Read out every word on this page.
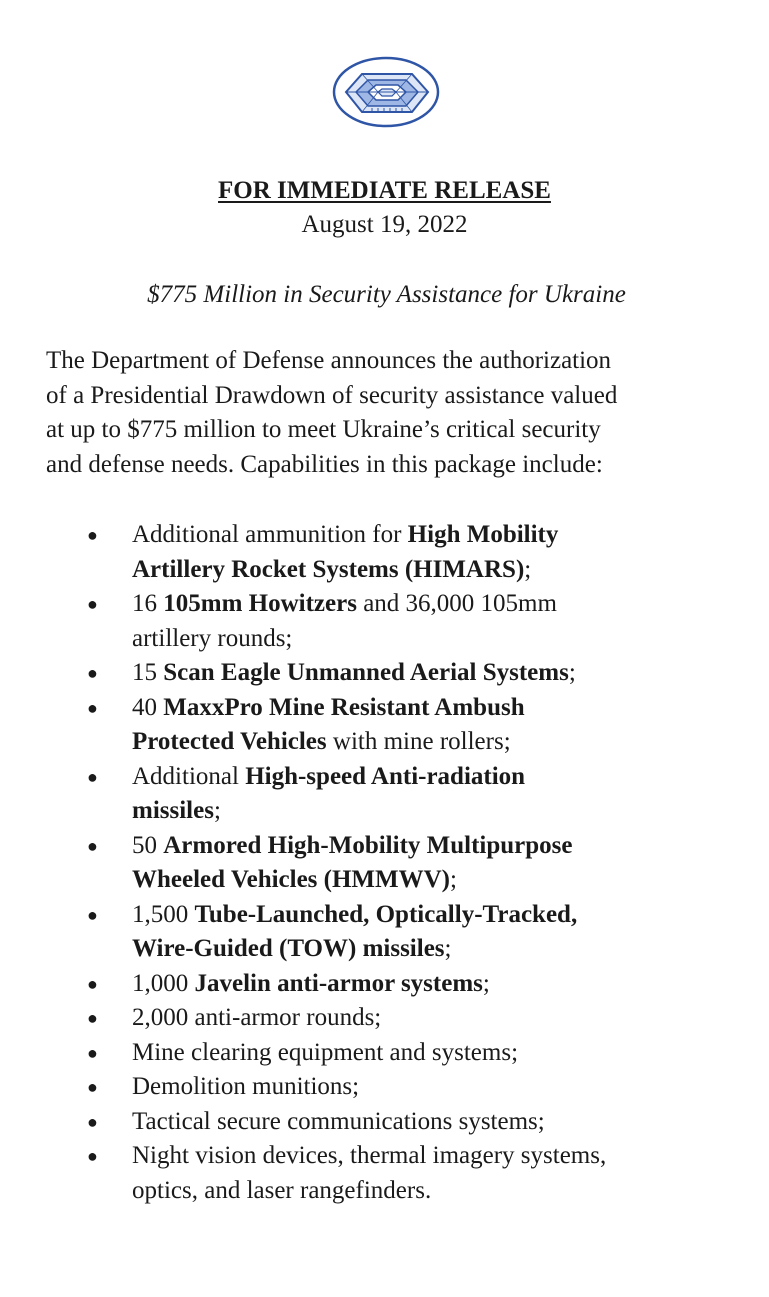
FOR IMMEDIATE RELEASE
August 19, 2022
$775 Million in Security Assistance for Ukraine

The Department of Defense announces the authorization
of a Presidential Drawdown of security assistance valued
at up to $775 million to meet Ukraine’s critical security
and defense needs. Capabilities in this package include:

● Additional ammunition for High Mobility
Artillery Rocket Systems (HIMARS);
● 16 105mm Howitzers and 36,000 105mm
artillery rounds;
● 15 Scan Eagle Unmanned Aerial Systems;
● 40 MaxxPro Mine Resistant Ambush
Protected Vehicles with mine rollers;
● Additional High-speed Anti-radiation
missiles;
● 50 Armored High-Mobility Multipurpose
Wheeled Vehicles (HMMWV);
● 1,500 Tube-Launched, Optically-Tracked,
Wire-Guided (TOW) missiles;
● 1,000 Javelin anti-armor systems;
● 2,000 anti-armor rounds;
● Mine clearing equipment and systems;
● Demolition munitions;
● Tactical secure communications systems;
● Night vision devices, thermal imagery systems,
optics, and laser rangefinders.
